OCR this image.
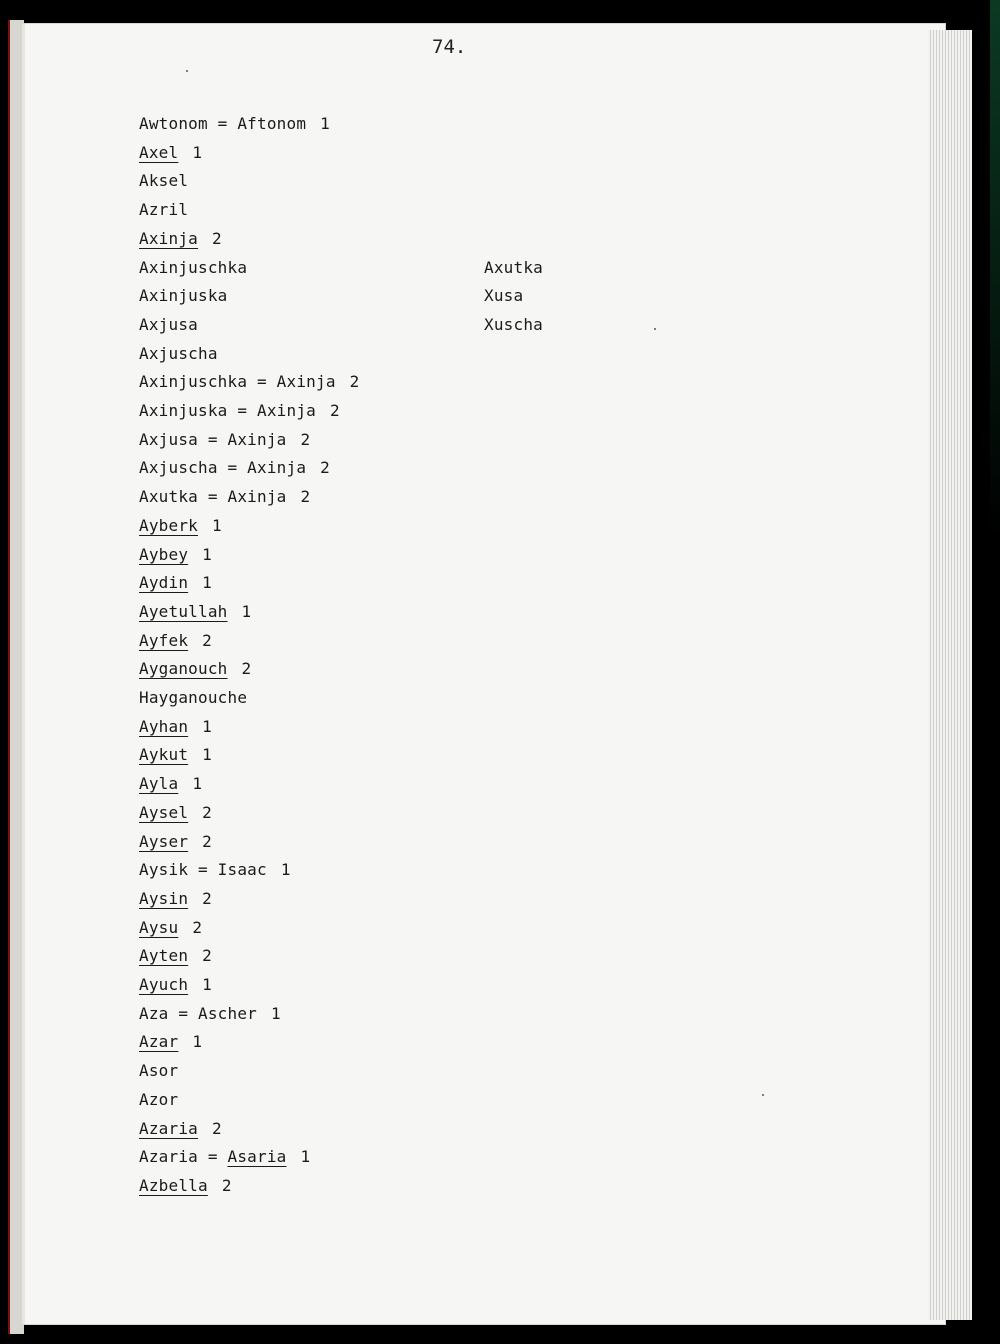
74.
Awtonom = Aftonom 1
Axel 1
Aksel
Azril
Axinja 2
Axinjuschka
Axinjuska
Axjusa
Axjuscha
Axinjuschka = Axinja 2
Axinjuska = Axinja 2
Axjusa = Axinja 2
Axjuscha = Axinja 2
Axutka = Axinja 2
Ayberk 1
Aybey 1
Aydin 1
Ayetullah 1
Ayfek 2
Ayganouch 2
Hayganouche
Ayhan 1
Aykut 1
Ayla 1
Aysel 2
Ayser 2
Aysik = Isaac 1
Aysin 2
Aysu 2
Ayten 2
Ayuch 1
Aza = Ascher 1
Azar 1
Asor
Azor
Azaria 2
Azaria = Asaria 1
Azbella 2
Axutka
Xusa
Xuscha
